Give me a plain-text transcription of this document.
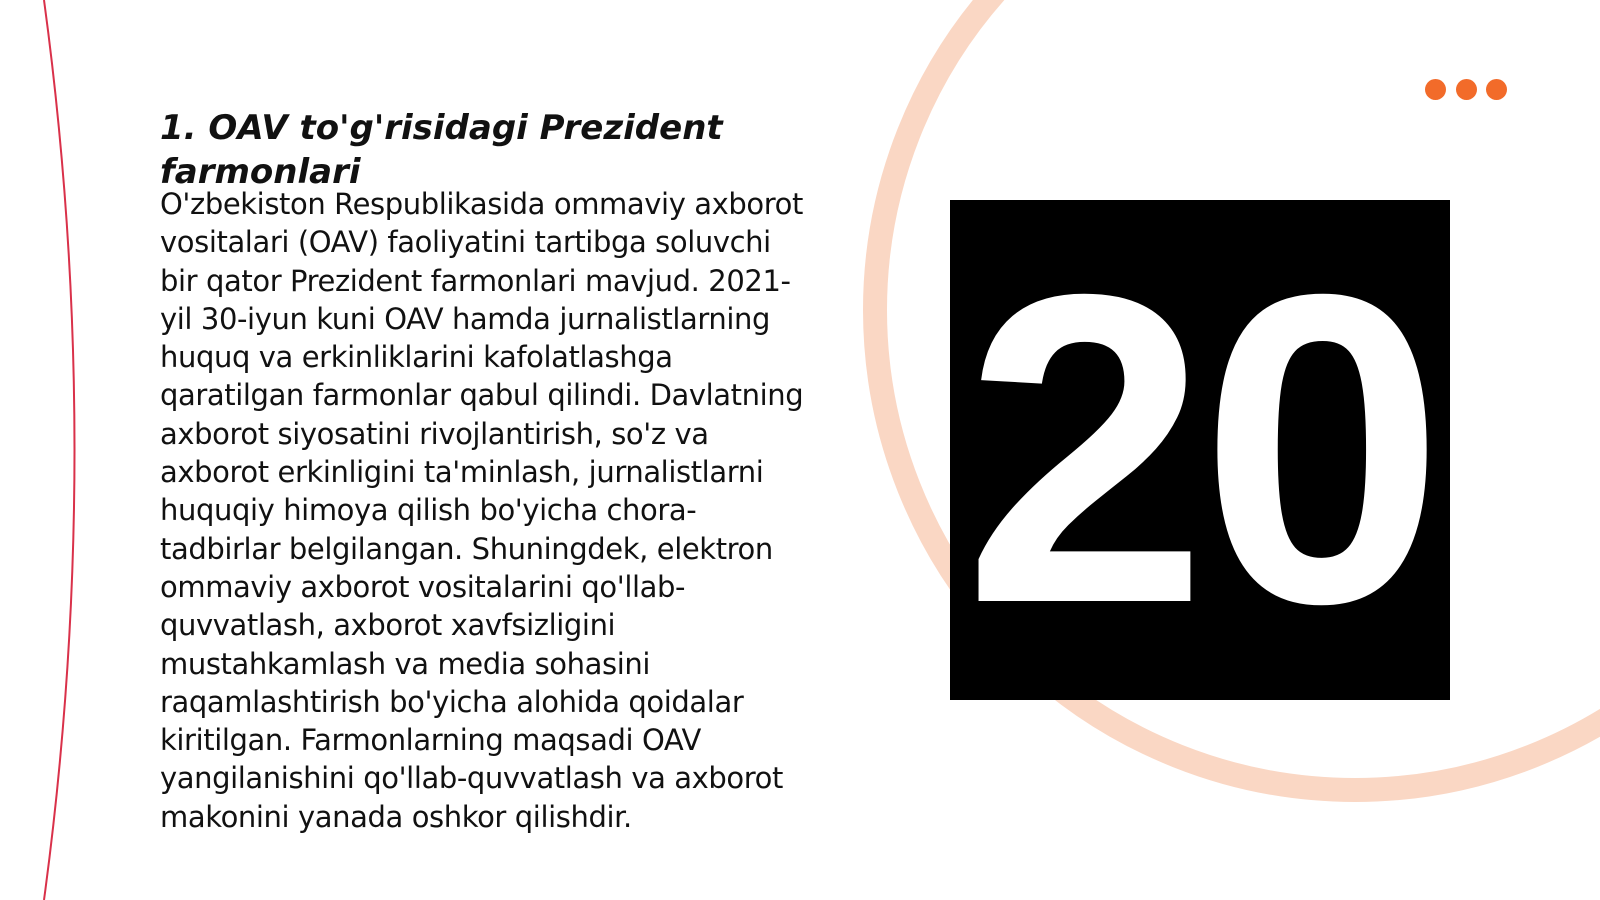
1. OAV to'g'risidagi Prezident farmonlari

O'zbekiston Respublikasida ommaviy axborot vositalari (OAV) faoliyatini tartibga soluvchi bir qator Prezident farmonlari mavjud. 2021-yil 30-iyun kuni OAV hamda jurnalistlarning huquq va erkinliklarini kafolatlashga qaratilgan farmonlar qabul qilindi. Davlatning axborot siyosatini rivojlantirish, so'z va axborot erkinligini ta'minlash, jurnalistlarni huquqiy himoya qilish bo'yicha chora-tadbirlar belgilangan. Shuningdek, elektron ommaviy axborot vositalarini qo'llab-quvvatlash, axborot xavfsizligini mustahkamlash va media sohasini raqamlashtirish bo'yicha alohida qoidalar kiritilgan. Farmonlarning maqsadi OAV yangilanishini qo'llab-quvvatlash va axborot makonini yanada oshkor qilishdir.

20
